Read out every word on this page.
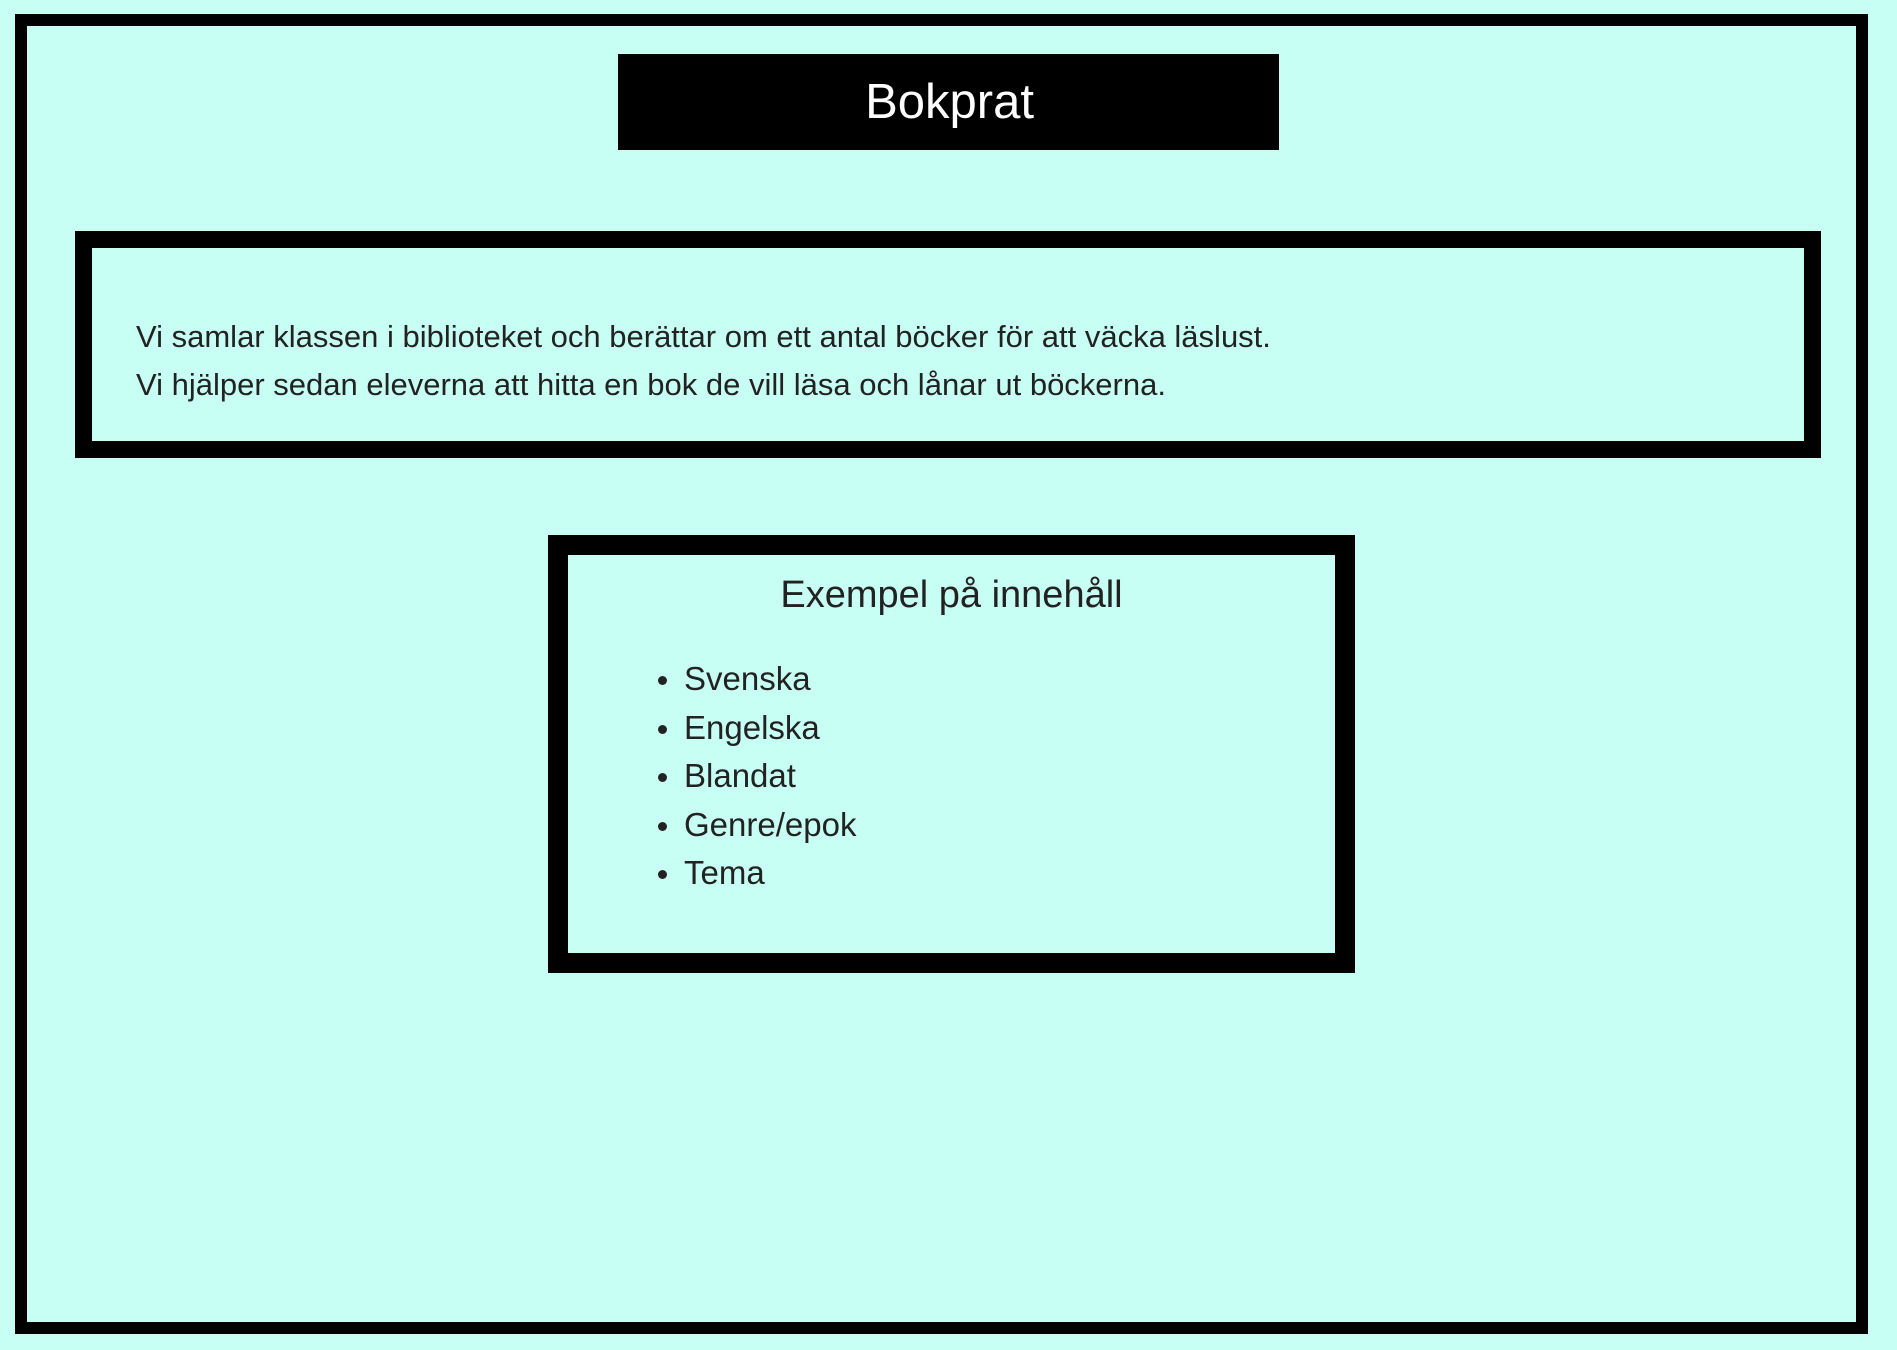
Bokprat

Vi samlar klassen i biblioteket och berättar om ett antal böcker för att väcka läslust.

Vi hjälper sedan eleverna att hitta en bok de vill läsa och lånar ut böckerna.

Exempel på innehåll
Svenska
Engelska
Blandat
Genre/epok
Tema
